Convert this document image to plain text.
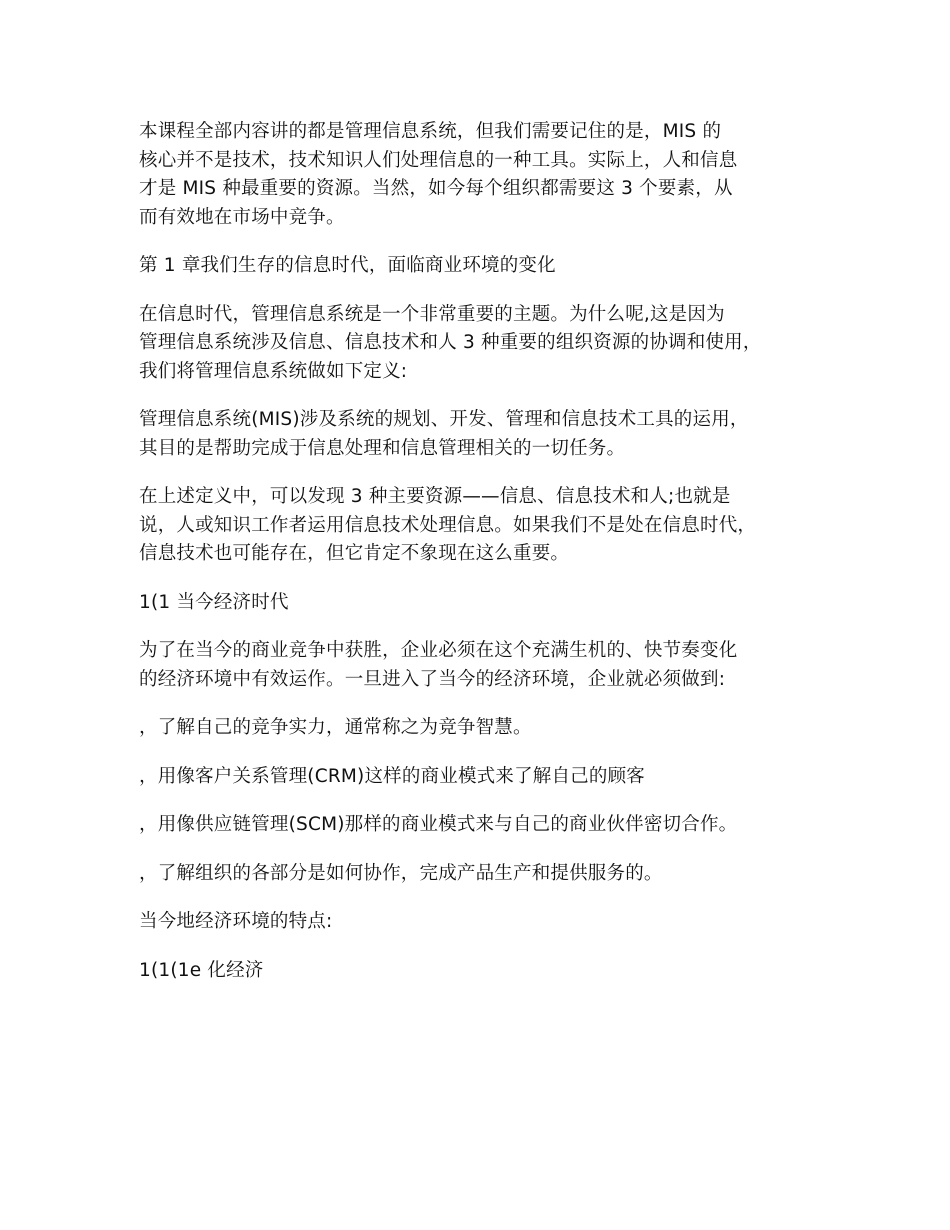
本课程全部内容讲的都是管理信息系统，但我们需要记住的是，MIS 的
核心并不是技术，技术知识人们处理信息的一种工具。实际上，人和信息
才是 MIS 种最重要的资源。当然，如今每个组织都需要这 3 个要素，从
而有效地在市场中竞争。

第 1 章我们生存的信息时代，面临商业环境的变化

在信息时代，管理信息系统是一个非常重要的主题。为什么呢,这是因为
管理信息系统涉及信息、信息技术和人 3 种重要的组织资源的协调和使用，
我们将管理信息系统做如下定义:

管理信息系统(MIS)涉及系统的规划、开发、管理和信息技术工具的运用，
其目的是帮助完成于信息处理和信息管理相关的一切任务。

在上述定义中，可以发现 3 种主要资源——信息、信息技术和人;也就是
说，人或知识工作者运用信息技术处理信息。如果我们不是处在信息时代，
信息技术也可能存在，但它肯定不象现在这么重要。

1(1 当今经济时代

为了在当今的商业竞争中获胜，企业必须在这个充满生机的、快节奏变化
的经济环境中有效运作。一旦进入了当今的经济环境，企业就必须做到:

，了解自己的竞争实力，通常称之为竞争智慧。

，用像客户关系管理(CRM)这样的商业模式来了解自己的顾客

，用像供应链管理(SCM)那样的商业模式来与自己的商业伙伴密切合作。

，了解组织的各部分是如何协作，完成产品生产和提供服务的。

当今地经济环境的特点:

1(1(1e 化经济
